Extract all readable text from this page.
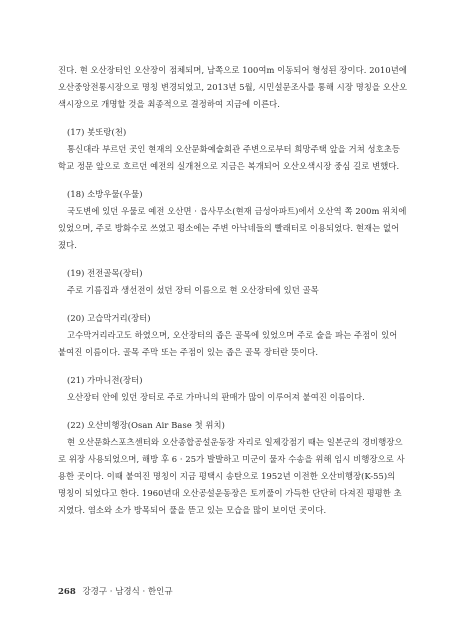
진다. 현 오산장터인 오산장이 점체되며, 남쪽으로 100여m 이동되어 형성된 장이다. 2010년에
오산중앙전통시장으로 명칭 변경되었고, 2013년 5월, 시민설문조사를 통해 시장 명칭을 오산오
색시장으로 개명할 것을 최종적으로 결정하여 지금에 이른다.
(17) 봇또랑(천)
통신대라 부르던 곳인 현재의 오산문화예술회관 주변으로부터 희망주택 앞을 거쳐 성호초등
학교 정문 앞으로 흐르던 예전의 실개천으로 지금은 복개되어 오산오색시장 중심 길로 변했다.
(18) 소방우물(우물)
국도변에 있던 우물로 예전 오산면 · 읍사무소(현재 금성아파트)에서 오산역 쪽 200m 위치에
있었으며, 주로 방화수로 쓰였고 평소에는 주변 아낙네들의 빨래터로 이용되었다. 현재는 없어
졌다.
(19) 전전골목(장터)
주로 기름집과 생선전이 섰던 장터 이름으로 현 오산장터에 있던 골목
(20) 고습막거리(장터)
고수막거리라고도 하였으며, 오산장터의 좁은 골목에 있었으며 주로 술을 파는 주점이 있어
붙여진 이름이다. 골목 주막 또는 주점이 있는 좁은 골목 장터란 뜻이다.
(21) 가마니전(장터)
오산장터 안에 있던 장터로 주로 가마니의 판매가 많이 이루어져 붙여진 이름이다.
(22) 오산비행장(Osan Air Base 첫 위치)
현 오산문화스포츠센터와 오산종합공설운동장 자리로 일제강점기 때는 일본군의 경비행장으
로 위장 사용되었으며, 해방 후 6 · 25가 발발하고 미군이 물자 수송을 위해 임시 비행장으로 사
용한 곳이다. 이때 붙여진 명칭이 지금 평택시 송탄으로 1952년 이전한 오산비행장(K-55)의
명칭이 되었다고 한다. 1960년대 오산공설운동장은 토끼풀이 가득한 단단히 다져진 평평한 초
지였다. 염소와 소가 방목되어 풀을 뜯고 있는 모습을 많이 보이던 곳이다.
268 강경구 · 남경식 · 한인규
